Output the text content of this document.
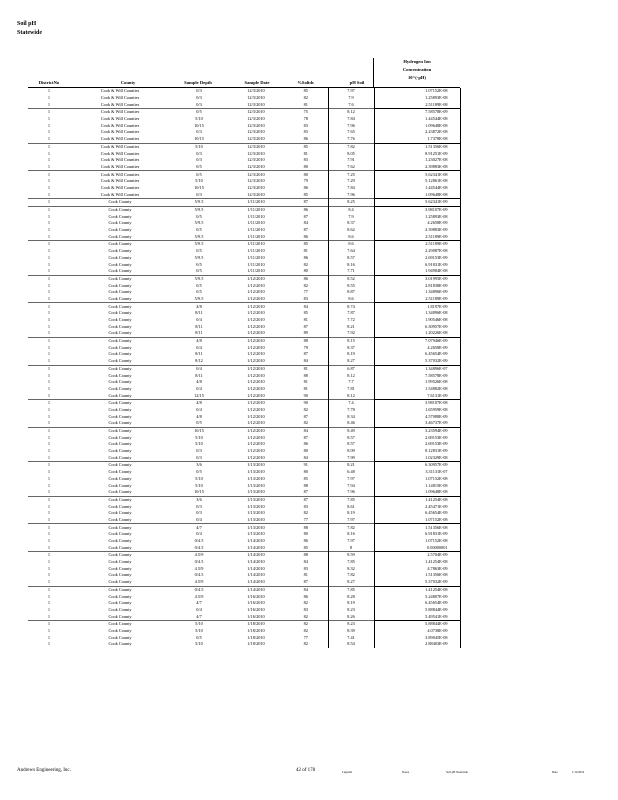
Soil pH
Statewide
DistrictNo	County	Sample Depth	Sample Date	%Solids	pH Soil
Hydrogen Ion
Concentration
10^(-pH)
1	Cook & Will Counties	0/3	12/3/2010	85	7.97	1.07152E-08
1	Cook & Will Counties	0/3	12/3/2010	82	7.9	1.25893E-08
1	Cook & Will Counties	0/3	12/3/2010	81	7.6	2.51189E-08
1	Cook & Will Counties	0/5	12/3/2010	75	8.12	7.58578E-09
1	Cook & Will Counties	5/10	12/3/2010	78	7.84	1.44544E-08
1	Cook & Will Counties	10/15	12/3/2010	83	7.96	1.09648E-08
1	Cook & Will Counties	0/3	12/3/2010	83	7.65	2.23872E-08
1	Cook & Will Counties	10/15	12/3/2010	86	7.76	1.7378E-08
1	Cook & Will Counties	5/10	12/3/2010	85	7.82	1.51356E-08
1	Cook & Will Counties	0/3	12/3/2010	81	8.05	8.91251E-09
1	Cook & Will Counties	0/3	12/3/2010	83	7.91	1.23027E-08
1	Cook & Will Counties	0/5	12/3/2010	80	7.62	2.39883E-08
1	Cook & Will Counties	0/5	12/3/2010	80	7.25	5.62341E-08
1	Cook & Will Counties	5/10	12/3/2010	79	7.29	5.12861E-08
1	Cook & Will Counties	10/15	12/3/2010	86	7.84	1.44544E-08
1	Cook & Will Counties	0/3	12/3/2010	85	7.96	1.09648E-08
1	Cook County	5/9.5	1/11/2010	87	8.25	5.62341E-09
1	Cook County	5/9.5	1/11/2010	86	8.4	3.98107E-09
1	Cook County	0/5	1/11/2010	87	7.9	1.25893E-08
1	Cook County	5/9.5	1/11/2010	84	8.37	4.2658E-09
1	Cook County	0/5	1/11/2010	87	8.62	2.39883E-09
1	Cook County	5/9.5	1/11/2010	86	8.6	2.51189E-09
1	Cook County	5/9.5	1/11/2010	85	8.6	2.51189E-09
1	Cook County	0/5	1/11/2010	81	7.64	2.29087E-08
1	Cook County	5/9.5	1/11/2010	86	8.57	2.69153E-09
1	Cook County	0/5	1/11/2010	82	8.16	6.91831E-09
1	Cook County	0/5	1/11/2010	80	7.71	1.94984E-08
1	Cook County	5/9.5	1/12/2010	86	8.52	3.01995E-09
1	Cook County	0/5	1/12/2010	82	8.55	2.81838E-09
1	Cook County	0/5	1/12/2010	77	8.87	1.34896E-09
1	Cook County	5/9.5	1/12/2010	83	8.6	2.51189E-09
1	Cook County	4/8	1/12/2010	84	8.74	1.8197E-09
1	Cook County	8/11	1/12/2010	85	7.87	1.34896E-08
1	Cook County	0/4	1/12/2010	81	7.72	1.90546E-08
1	Cook County	8/11	1/12/2010	87	8.21	6.30957E-09
1	Cook County	8/11	1/12/2010	89	7.92	1.20226E-08
1	Cook County	4/8	1/12/2010	88	8.15	7.07946E-09
1	Cook County	0/4	1/12/2010	79	8.37	4.2658E-09
1	Cook County	8/11	1/12/2010	87	8.19	6.45654E-09
1	Cook County	8/12	1/12/2010	84	8.27	5.37032E-09
1	Cook County	0/4	1/12/2010	81	6.87	1.34896E-07
1	Cook County	8/11	1/12/2010	88	8.12	7.58578E-09
1	Cook County	4/8	1/12/2010	81	7.7	1.99526E-08
1	Cook County	0/4	1/12/2010	81	7.81	1.54882E-08
1	Cook County	12/15	1/12/2010	90	8.12	7.6131E-09
1	Cook County	4/8	1/12/2010	90	7.4	3.98107E-08
1	Cook County	0/4	1/12/2010	82	7.78	1.65959E-08
1	Cook County	4/8	1/12/2010	87	8.34	4.57088E-09
1	Cook County	0/5	1/12/2010	82	8.46	3.46737E-09
1	Cook County	10/15	1/12/2010	84	8.49	3.23594E-09
1	Cook County	5/10	1/12/2010	87	8.57	2.69153E-09
1	Cook County	5/10	1/12/2010	86	8.57	2.69153E-09
1	Cook County	0/3	1/12/2010	80	8.09	8.12831E-09
1	Cook County	0/3	1/12/2010	84	7.99	1.02329E-08
1	Cook County	3/6	1/13/2010	91	8.21	6.30957E-09
1	Cook County	0/5	1/13/2010	80	6.48	3.31131E-07
1	Cook County	5/10	1/13/2010	85	7.97	1.07152E-08
1	Cook County	5/10	1/13/2010	88	7.94	1.14815E-08
1	Cook County	10/15	1/13/2010	87	7.96	1.09648E-08
1	Cook County	3/6	1/13/2010	87	7.85	1.41254E-08
1	Cook County	0/3	1/13/2010	83	8.61	2.45471E-09
1	Cook County	0/3	1/13/2010	82	8.19	6.45654E-09
1	Cook County	0/4	1/13/2010	77	7.97	1.07152E-08
1	Cook County	4/7	1/13/2010	88	7.82	1.51356E-08
1	Cook County	0/4	1/13/2010	80	8.16	6.91831E-09
1	Cook County	0/4.5	1/14/2010	86	7.97	1.07152E-08
1	Cook County	0/4.5	1/14/2010	85	8	0.00000001
1	Cook County	4.5/9	1/14/2010	88	8.59	2.5704E-09
1	Cook County	0/4.5	1/14/2010	84	7.85	1.41254E-08
1	Cook County	4.5/9	1/14/2010	83	8.32	4.7863E-09
1	Cook County	0/4.5	1/14/2010	81	7.82	1.51356E-08
1	Cook County	4.5/9	1/14/2010	87	8.27	5.37032E-09
1	Cook County	0/4.5	1/14/2010	84	7.85	1.41254E-08
1	Cook County	4.5/9	1/16/2010	86	8.28	5.24807E-09
1	Cook County	4/7	1/16/2010	82	8.19	6.45654E-09
1	Cook County	0/4	1/16/2010	83	8.23	5.88844E-09
1	Cook County	4/7	1/16/2010	82	8.26	5.49541E-09
1	Cook County	5/10	1/18/2010	82	8.23	5.88844E-09
1	Cook County	5/10	1/18/2010	82	8.39	4.0738E-09
1	Cook County	0/5	1/18/2010	77	7.41	3.89045E-08
1	Cook County	5/10	1/18/2010	82	8.54	2.88403E-09
Andrews Engineering, Inc.	42 of 178	Legends	Notes	Soil pH Statewide	Date	1/12/2016
